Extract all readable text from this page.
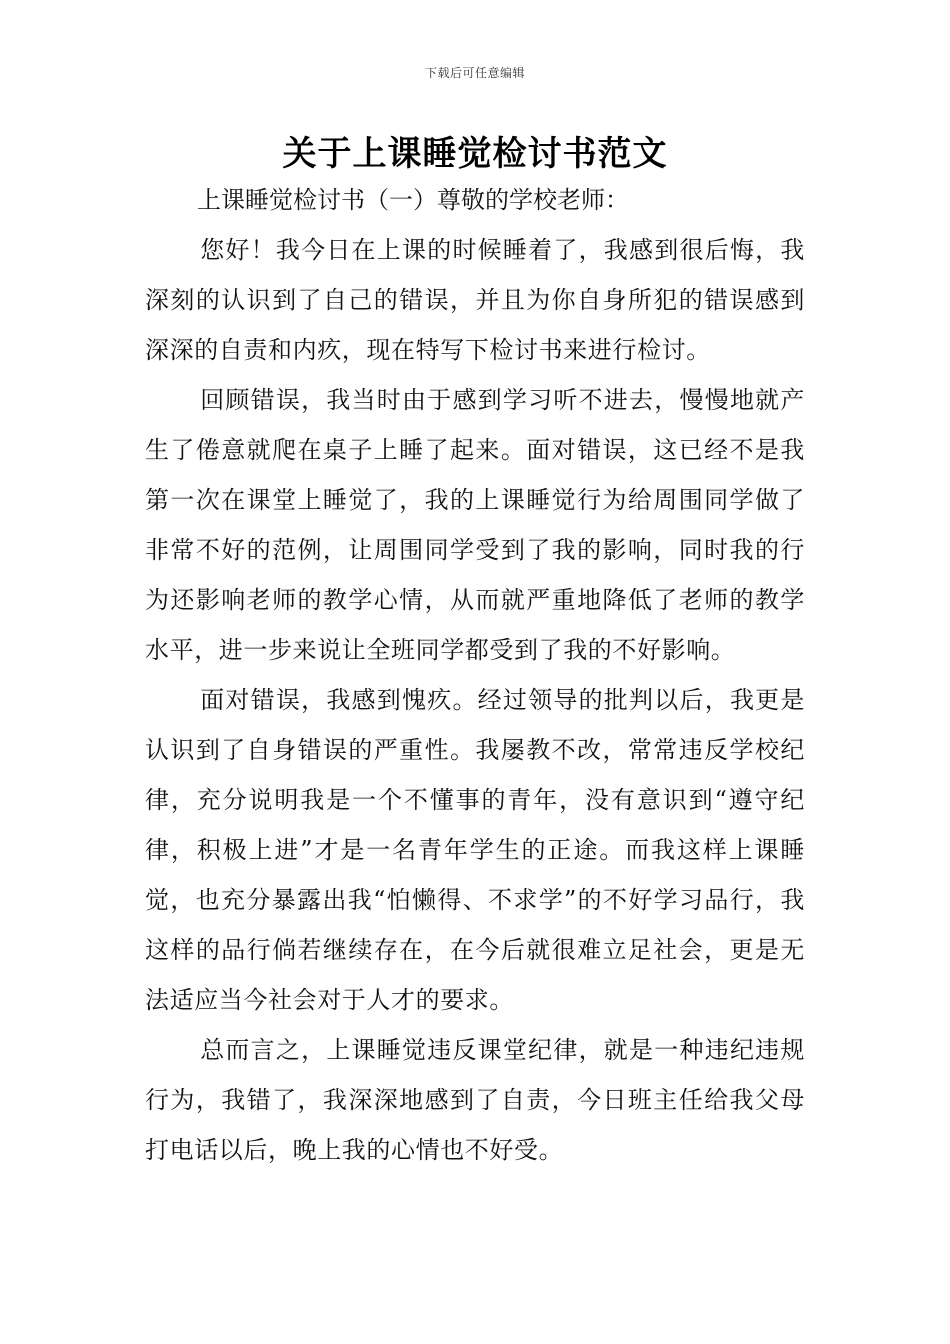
下载后可任意编辑
关于上课睡觉检讨书范文

上课睡觉检讨书（一）尊敬的学校老师：

您好！我今日在上课的时候睡着了，我感到很后悔，我深刻的认识到了自己的错误，并且为你自身所犯的错误感到深深的自责和内疚，现在特写下检讨书来进行检讨。

回顾错误，我当时由于感到学习听不进去，慢慢地就产生了倦意就爬在桌子上睡了起来。面对错误，这已经不是我第一次在课堂上睡觉了，我的上课睡觉行为给周围同学做了非常不好的范例，让周围同学受到了我的影响，同时我的行为还影响老师的教学心情，从而就严重地降低了老师的教学水平，进一步来说让全班同学都受到了我的不好影响。

面对错误，我感到愧疚。经过领导的批判以后，我更是认识到了自身错误的严重性。我屡教不改，常常违反学校纪律，充分说明我是一个不懂事的青年，没有意识到“遵守纪律，积极上进”才是一名青年学生的正途。而我这样上课睡觉，也充分暴露出我“怕懒得、不求学”的不好学习品行，我这样的品行倘若继续存在，在今后就很难立足社会，更是无法适应当今社会对于人才的要求。

总而言之，上课睡觉违反课堂纪律，就是一种违纪违规行为，我错了，我深深地感到了自责，今日班主任给我父母打电话以后，晚上我的心情也不好受。
